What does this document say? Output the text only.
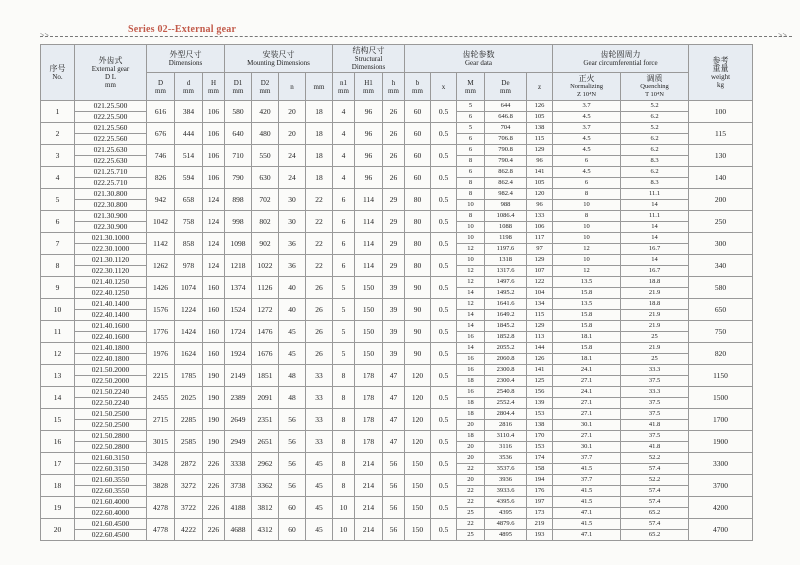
Series 02--External gear
>>	>>
序号
No.	外齿式
External gear
D L
mm	外型尺寸
Dimensions			安装尺寸
Mounting Dimensions				结构尺寸
Structural
Dimensions			齿轮参数
Gear data					齿轮圆周力
Gear circumferential force		参考
重量
weight
kg

		D
mm	d
mm	H
mm	D1
mm	D2
mm	n	mm	n1
mm	H1
mm	h
mm	b
mm	x	M
mm	De
mm	z	正火
Normalizing
Z 10⁴N	调质
Quenching
T 10⁴N	

1	021.25.500	616	384	106	580	420	20	18	4	96	26	60	0.5	5	644	126	3.7	5.2	100
	022.25.500													6	646.8	105	4.5	6.2	
2	021.25.560	676	444	106	640	480	20	18	4	96	26	60	0.5	5	704	138	3.7	5.2	115
	022.25.560													6	706.8	115	4.5	6.2	
3	021.25.630	746	514	106	710	550	24	18	4	96	26	60	0.5	6	790.8	129	4.5	6.2	130
	022.25.630													8	790.4	96	6	8.3	
4	021.25.710	826	594	106	790	630	24	18	4	96	26	60	0.5	6	862.8	141	4.5	6.2	140
	022.25.710													8	862.4	105	6	8.3	
5	021.30.800	942	658	124	898	702	30	22	6	114	29	80	0.5	8	982.4	120	8	11.1	200
	022.30.800													10	988	96	10	14	
6	021.30.900	1042	758	124	998	802	30	22	6	114	29	80	0.5	8	1086.4	133	8	11.1	250
	022.30.900													10	1088	106	10	14	
7	021.30.1000	1142	858	124	1098	902	36	22	6	114	29	80	0.5	10	1198	117	10	14	300
	022.30.1000													12	1197.6	97	12	16.7	
8	021.30.1120	1262	978	124	1218	1022	36	22	6	114	29	80	0.5	10	1318	129	10	14	340
	022.30.1120													12	1317.6	107	12	16.7	
9	021.40.1250	1426	1074	160	1374	1126	40	26	5	150	39	90	0.5	12	1497.6	122	13.5	18.8	580
	022.40.1250													14	1495.2	104	15.8	21.9	
10	021.40.1400	1576	1224	160	1524	1272	40	26	5	150	39	90	0.5	12	1641.6	134	13.5	18.8	650
	022.40.1400													14	1649.2	115	15.8	21.9	
11	021.40.1600	1776	1424	160	1724	1476	45	26	5	150	39	90	0.5	14	1845.2	129	15.8	21.9	750
	022.40.1600													16	1852.8	113	18.1	25	
12	021.40.1800	1976	1624	160	1924	1676	45	26	5	150	39	90	0.5	14	2055.2	144	15.8	21.9	820
	022.40.1800													16	2060.8	126	18.1	25	
13	021.50.2000	2215	1785	190	2149	1851	48	33	8	178	47	120	0.5	16	2300.8	141	24.1	33.3	1150
	022.50.2000													18	2300.4	125	27.1	37.5	
14	021.50.2240	2455	2025	190	2389	2091	48	33	8	178	47	120	0.5	16	2540.8	156	24.1	33.3	1500
	022.50.2240													18	2552.4	139	27.1	37.5	
15	021.50.2500	2715	2285	190	2649	2351	56	33	8	178	47	120	0.5	18	2804.4	153	27.1	37.5	1700
	022.50.2500													20	2816	138	30.1	41.8	
16	021.50.2800	3015	2585	190	2949	2651	56	33	8	178	47	120	0.5	18	3110.4	170	27.1	37.5	1900
	022.50.2800													20	3116	153	30.1	41.8	
17	021.60.3150	3428	2872	226	3338	2962	56	45	8	214	56	150	0.5	20	3536	174	37.7	52.2	3300
	022.60.3150													22	3537.6	158	41.5	57.4	
18	021.60.3550	3828	3272	226	3738	3362	56	45	8	214	56	150	0.5	20	3936	194	37.7	52.2	3700
	022.60.3550													22	3933.6	176	41.5	57.4	
19	021.60.4000	4278	3722	226	4188	3812	60	45	10	214	56	150	0.5	22	4395.6	197	41.5	57.4	4200
	022.60.4000													25	4395	173	47.1	65.2	
20	021.60.4500	4778	4222	226	4688	4312	60	45	10	214	56	150	0.5	22	4879.6	219	41.5	57.4	4700
	022.60.4500													25	4895	193	47.1	65.2	
